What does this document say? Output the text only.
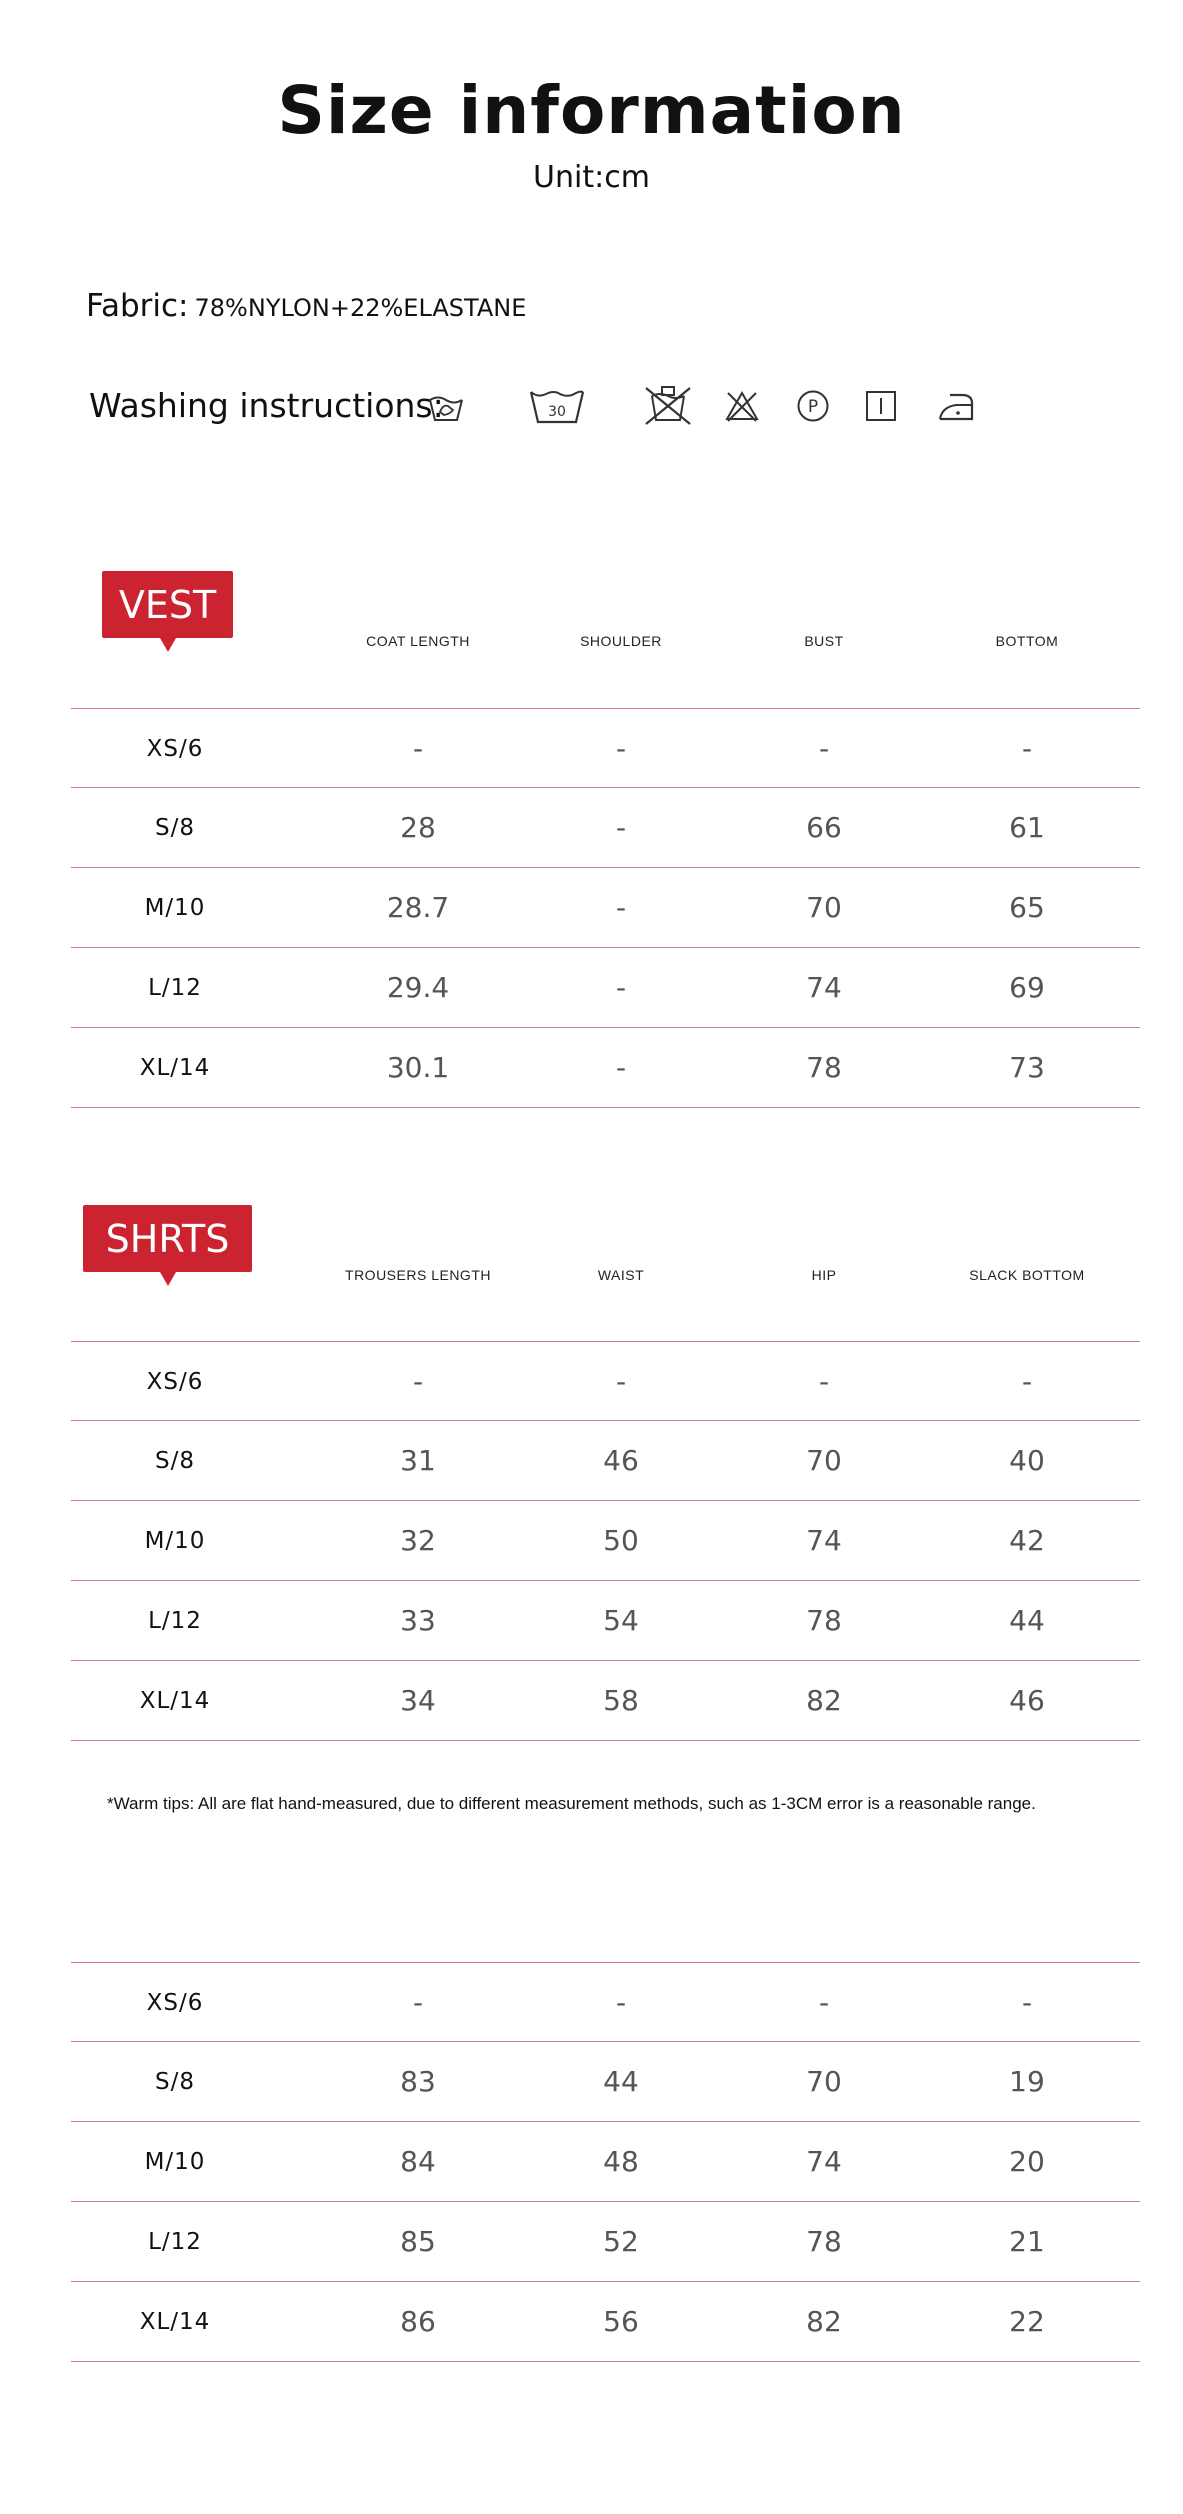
Size information
Unit:cm
Fabric: 78%NYLON+22%ELASTANE
Washing instructions:	30	P
VEST
COAT LENGTH	SHOULDER	BUST	BOTTOM
XS/6	-	-	-	-
S/8	28	-	66	61
M/10	28.7	-	70	65
L/12	29.4	-	74	69
XL/14	30.1	-	78	73
SHRTS
TROUSERS LENGTH	WAIST	HIP	SLACK BOTTOM
XS/6	-	-	-	-
S/8	31	46	70	40
M/10	32	50	74	42
L/12	33	54	78	44
XL/14	34	58	82	46
*Warm tips: All are flat hand-measured, due to different measurement methods, such as 1-3CM error is a reasonable range.
XS/6	-	-	-	-
S/8	83	44	70	19
M/10	84	48	74	20
L/12	85	52	78	21
XL/14	86	56	82	22
